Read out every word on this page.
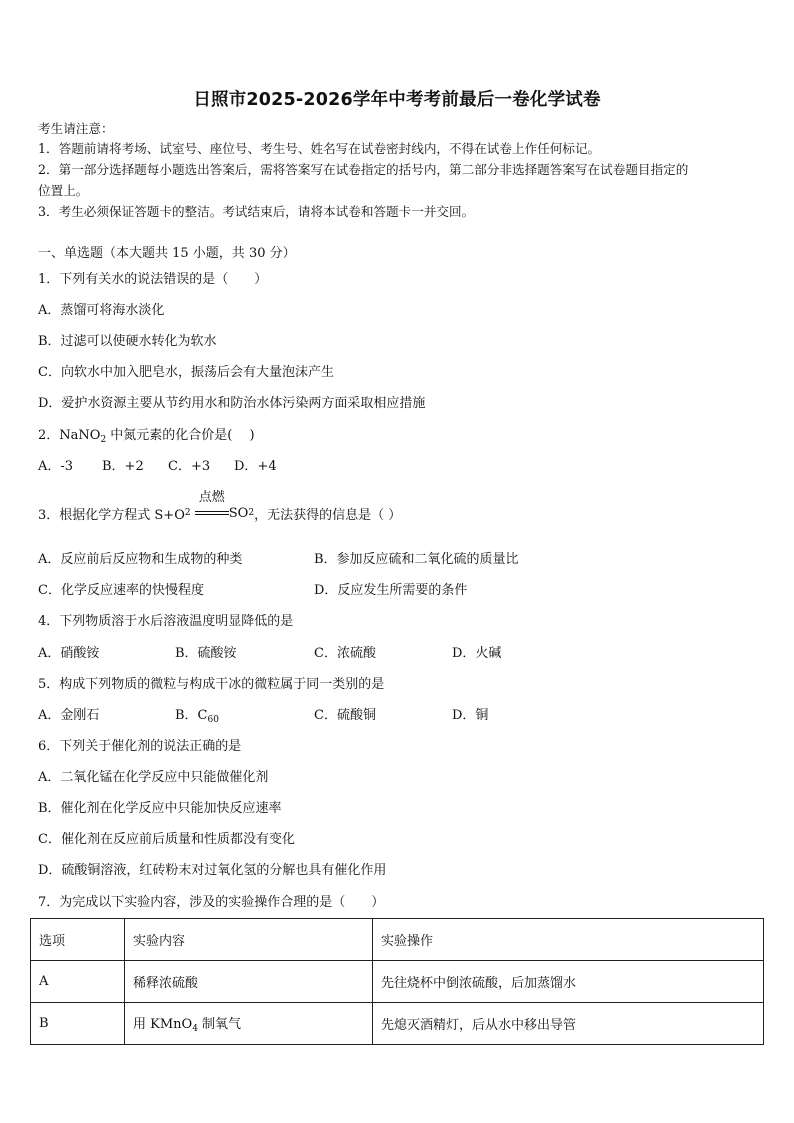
日照市2025-2026学年中考考前最后一卷化学试卷
考生请注意：
1．答题前请将考场、试室号、座位号、考生号、姓名写在试卷密封线内，不得在试卷上作任何标记。
2．第一部分选择题每小题选出答案后，需将答案写在试卷指定的括号内，第二部分非选择题答案写在试卷题目指定的
位置上。
3．考生必须保证答题卡的整洁。考试结束后，请将本试卷和答题卡一并交回。
一、单选题（本大题共 15 小题，共 30 分）
1．下列有关水的说法错误的是（　　）
A．蒸馏可将海水淡化
B．过滤可以使硬水转化为软水
C．向软水中加入肥皂水，振荡后会有大量泡沫产生
D．爱护水资源主要从节约用水和防治水体污染两方面采取相应措施
2．NaNO$_2$ 中氮元素的化合价是(　 )
A．-3 B．+2 C．+3 D．+4
3．根据化学方程式 S+O2
点燃
SO2，无法获得的信息是（ ）
A．反应前后反应物和生成物的种类	B．参加反应硫和二氧化硫的质量比
C．化学反应速率的快慢程度	D．反应发生所需要的条件
4．下列物质溶于水后溶液温度明显降低的是
A．硝酸铵	B．硫酸铵	C．浓硫酸	D．火碱
5．构成下列物质的微粒与构成干冰的微粒属于同一类别的是
A．金刚石	B．$C_{60}$	C．硫酸铜	D．铜
6．下列关于催化剂的说法正确的是
A．二氧化锰在化学反应中只能做催化剂
B．催化剂在化学反应中只能加快反应速率
C．催化剂在反应前后质量和性质都没有变化
D．硫酸铜溶液，红砖粉末对过氧化氢的分解也具有催化作用
7．为完成以下实验内容，涉及的实验操作合理的是（　　）
选项	实验内容	实验操作
A	稀释浓硫酸	先往烧杯中倒浓硫酸，后加蒸馏水
B	用 KMnO$_4$ 制氧气	先熄灭酒精灯，后从水中移出导管
